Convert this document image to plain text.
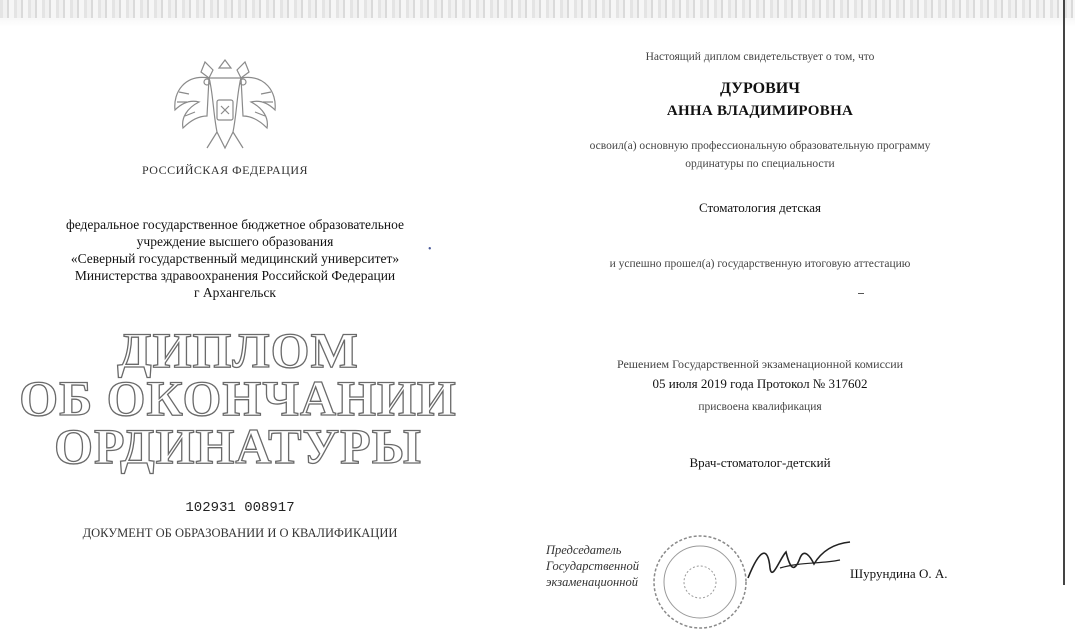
РОССИЙСКАЯ ФЕДЕРАЦИЯ
федеральное государственное бюджетное образовательное
учреждение высшего образования
«Северный государственный медицинский университет»
Министерства здравоохранения Российской Федерации
г Архангельск
•
ДИПЛОМ
ОБ ОКОНЧАНИИ
ОРДИНАТУРЫ
102931 008917
ДОКУМЕНТ ОБ ОБРАЗОВАНИИ И О КВАЛИФИКАЦИИ
Настоящий диплом свидетельствует о том, что
ДУРОВИЧ
АННА ВЛАДИМИРОВНА
освоил(а) основную профессиональную образовательную программу
ординатуры по специальности
Стоматология детская
и успешно прошел(а) государственную итоговую аттестацию
Решением Государственной экзаменационной комиссии
05 июля 2019 года Протокол № 317602
присвоена квалификация
Врач-стоматолог-детский
Председатель
Государственной
экзаменационной
Шурундина О. А.
